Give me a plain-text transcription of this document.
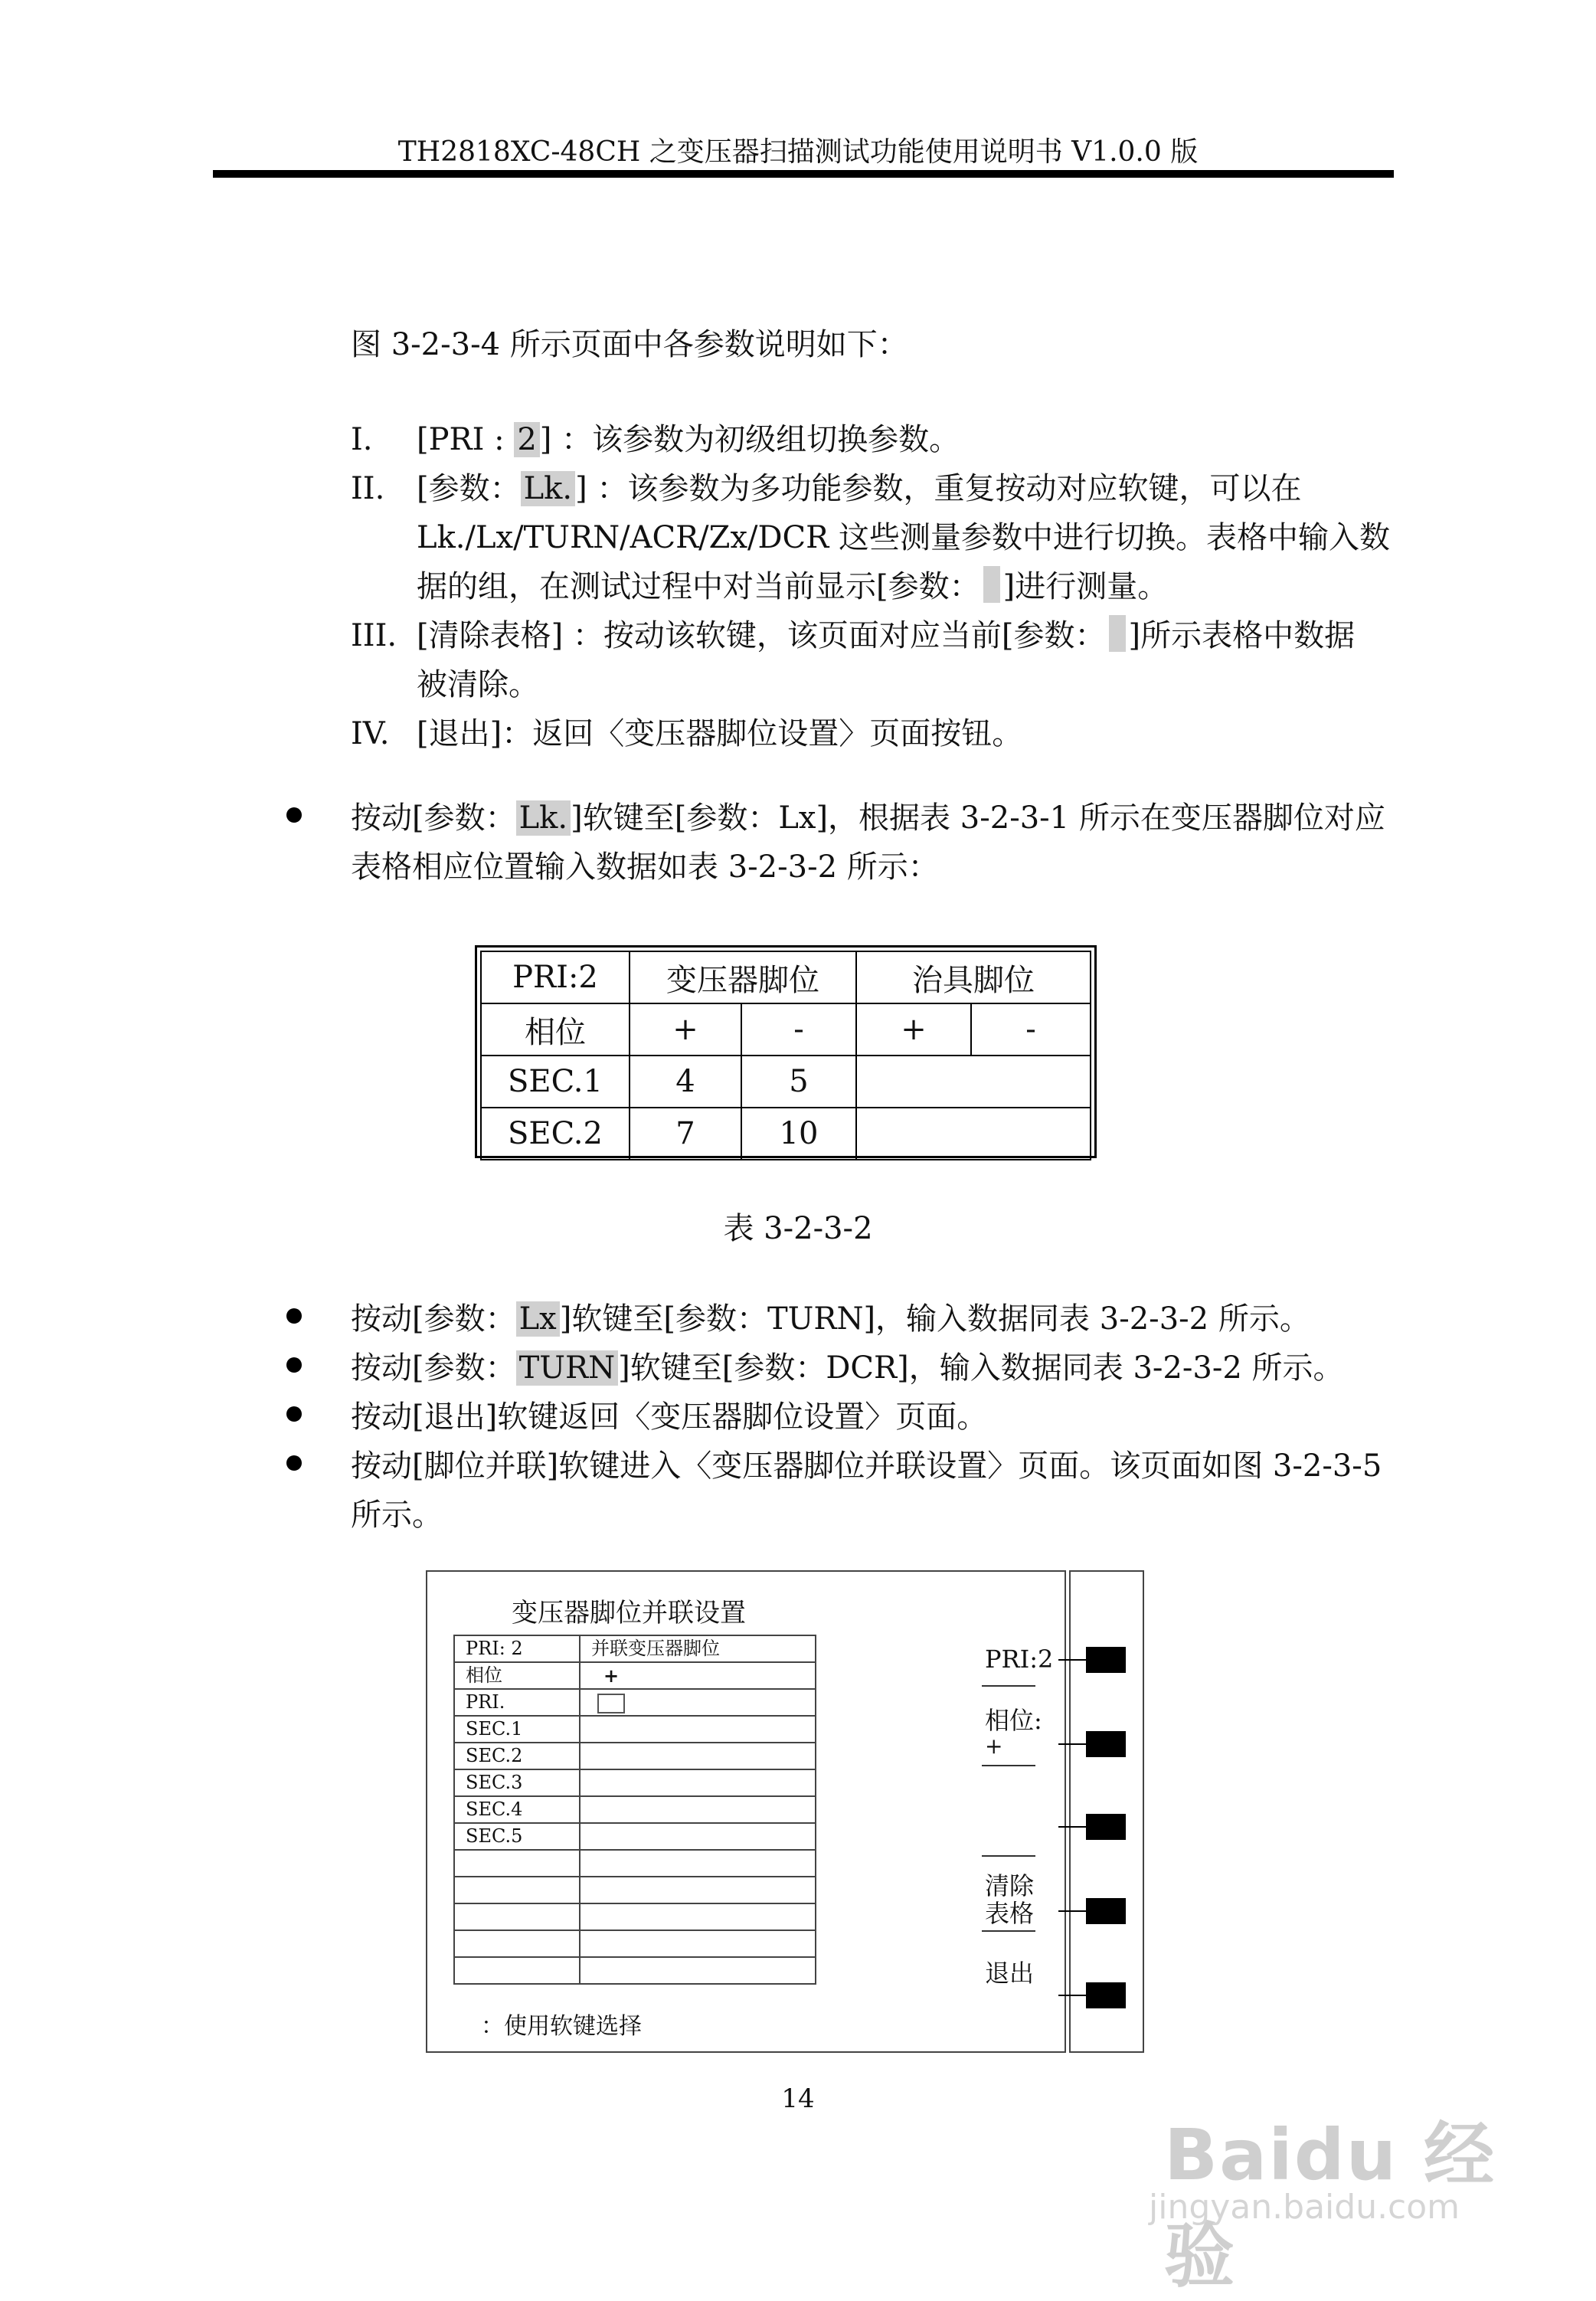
TH2818XC-48CH 之变压器扫描测试功能使用说明书 V1.0.0 版
图 3-2-3-4 所示页面中各参数说明如下：
I. [PRI : 2 ] ：该参数为初级组切换参数。
II. [参数： Lk. ] ：该参数为多功能参数，重复按动对应软键，可以在
Lk./Lx/TURN/ACR/Zx/DCR 这些测量参数中进行切换。表格中输入数
据的组，在测试过程中对当前显示[参数： ]进行测量。
III. [清除表格] ：按动该软键，该页面对应当前[参数： ]所示表格中数据
被清除。
IV. [退出]：返回〈变压器脚位设置〉页面按钮。
按动[参数： Lk. ]软键至[参数：Lx]，根据表 3-2-3-1 所示在变压器脚位对应
表格相应位置输入数据如表 3-2-3-2 所示：
PRI:2	变压器脚位		治具脚位	
相位	+	-	+	-
SEC.1	4	5		
SEC.2	7	10		
表 3-2-3-2
按动[参数： Lx ]软键至[参数：TURN]，输入数据同表 3-2-3-2 所示。
按动[参数： TURN ]软键至[参数：DCR]，输入数据同表 3-2-3-2 所示。
按动[退出]软键返回〈变压器脚位设置〉页面。
按动[脚位并联]软键进入〈变压器脚位并联设置〉页面。该页面如图 3-2-3-5
所示。
变压器脚位并联设置
PRI: 2	并联变压器脚位
相位	+
PRI.	
SEC.1	
SEC.2	
SEC.3	
SEC.4	
SEC.5	

：使用软键选择
PRI:2
相位:
+
清除
表格
退出
14
Baidu 经验
jingyan.baidu.com
